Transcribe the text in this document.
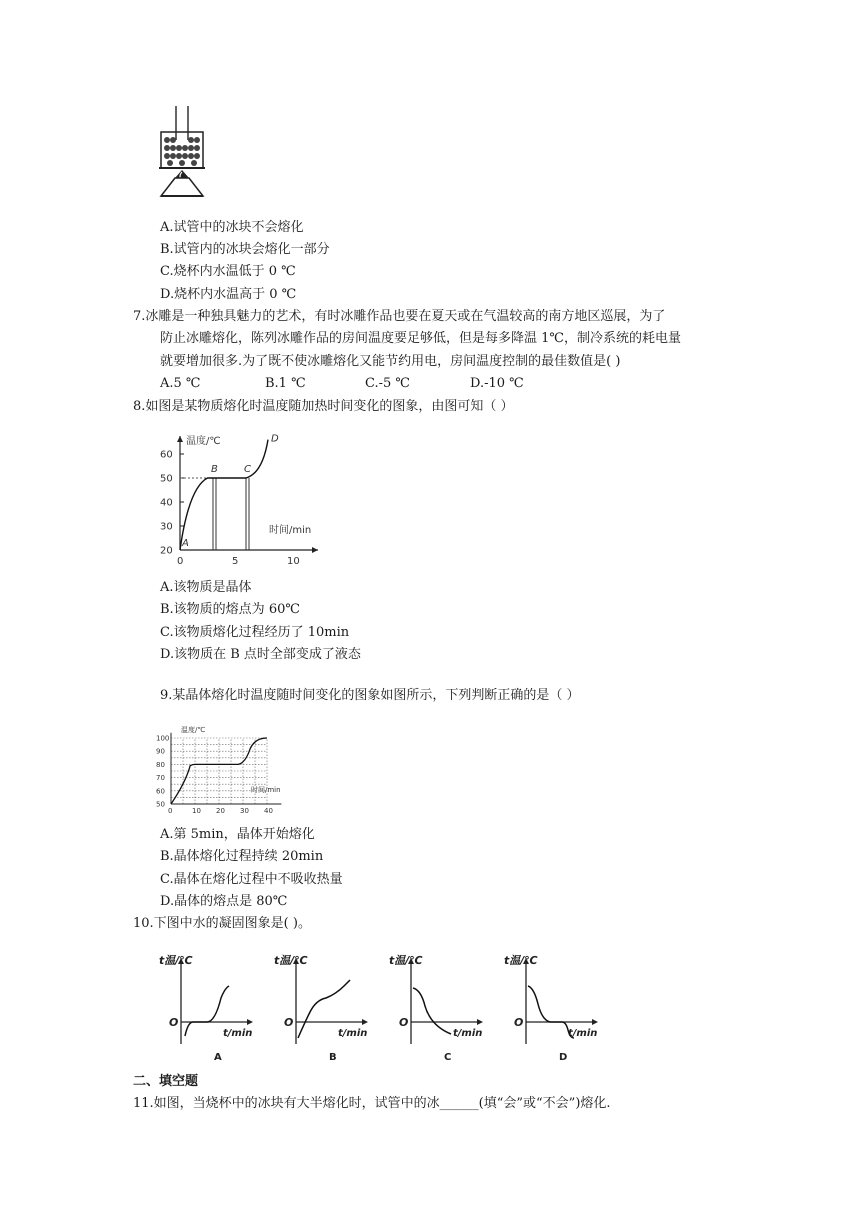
A.试管中的冰块不会熔化
B.试管内的冰块会熔化一部分
C.烧杯内水温低于 0 ℃
D.烧杯内水温高于 0 ℃
7.冰雕是一种独具魅力的艺术，有时冰雕作品也要在夏天或在气温较高的南方地区巡展，为了
防止冰雕熔化，陈列冰雕作品的房间温度要足够低，但是每多降温 1℃，制冷系统的耗电量
就要增加很多.为了既不使冰雕熔化又能节约用电，房间温度控制的最佳数值是( )
A.5 ℃	B.1 ℃	C.-5 ℃	D.-10 ℃
8.如图是某物质熔化时温度随加热时间变化的图象，由图可知（ ）
温度/℃
时间/min
20
30
40
50
60
0	5	10
A
B	C
D
A.该物质是晶体
B.该物质的熔点为 60℃
C.该物质熔化过程经历了 10min
D.该物质在 B 点时全部变成了液态
9.某晶体熔化时温度随时间变化的图象如图所示，下列判断正确的是（ ）
温度/℃
时间/min
50
60
70
80
90
100
0	10 20 30 40
A.第 5min，晶体开始熔化
B.晶体熔化过程持续 20min
C.晶体在熔化过程中不吸收热量
D.晶体的熔点是 80℃
10.下图中水的凝固图象是( )。
t温/℃
t/min
O
A
t温/℃
t/min
O
B
t温/℃
t/min
O
C
t温/℃
t/min
O
D
二、填空题
11.如图，当烧杯中的冰块有大半熔化时，试管中的冰______(填“会”或“不会”)熔化.
